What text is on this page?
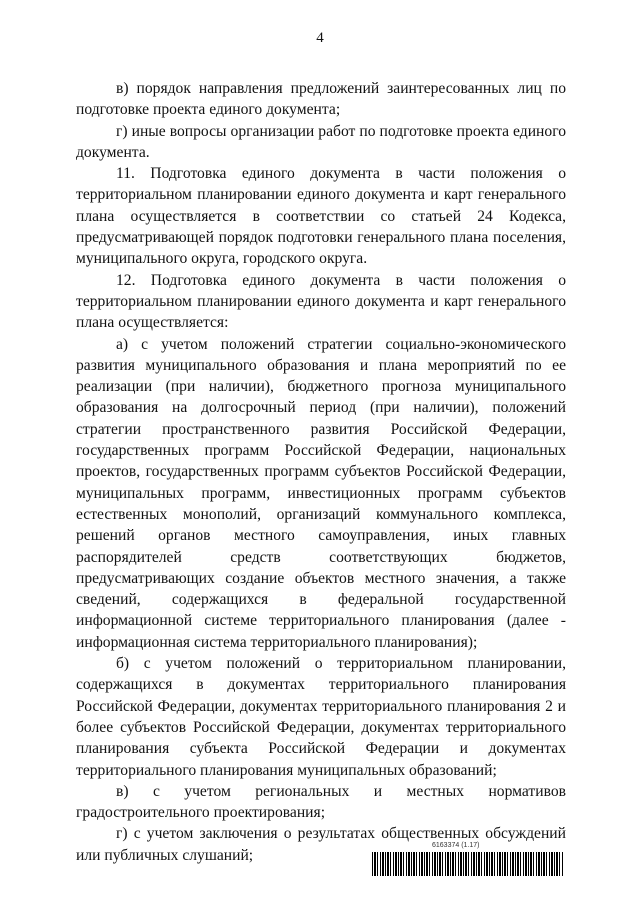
4

в) порядок направления предложений заинтересованных лиц по подготовке проекта единого документа;

г) иные вопросы организации работ по подготовке проекта единого документа.

11. Подготовка единого документа в части положения о территориальном планировании единого документа и карт генерального плана осуществляется в соответствии со статьей 24 Кодекса, предусматривающей порядок подготовки генерального плана поселения, муниципального округа, городского округа.

12. Подготовка единого документа в части положения о территориальном планировании единого документа и карт генерального плана осуществляется:

а) с учетом положений стратегии социально-экономического развития муниципального образования и плана мероприятий по ее реализации (при наличии), бюджетного прогноза муниципального образования на долгосрочный период (при наличии), положений стратегии пространственного развития Российской Федерации, государственных программ Российской Федерации, национальных проектов, государственных программ субъектов Российской Федерации, муниципальных программ, инвестиционных программ субъектов естественных монополий, организаций коммунального комплекса, решений органов местного самоуправления, иных главных распорядителей средств соответствующих бюджетов, предусматривающих создание объектов местного значения, а также сведений, содержащихся в федеральной государственной информационной системе территориального планирования (далее - информационная система территориального планирования);

б) с учетом положений о территориальном планировании, содержащихся в документах территориального планирования Российской Федерации, документах территориального планирования 2 и более субъектов Российской Федерации, документах территориального планирования субъекта Российской Федерации и документах территориального планирования муниципальных образований;

в) с учетом региональных и местных нормативов градостроительного проектирования;

г) с учетом заключения о результатах общественных обсуждений или публичных слушаний;

6163374 (1.17)
